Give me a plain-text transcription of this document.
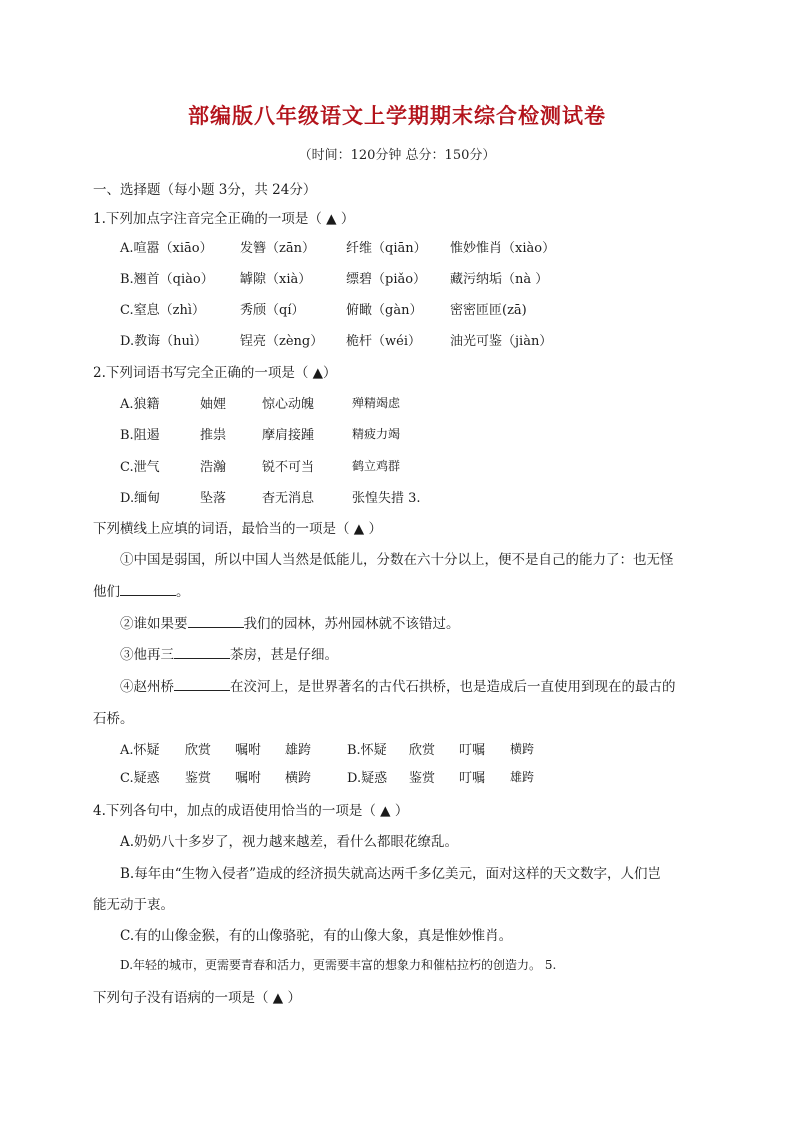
部编版八年级语文上学期期末综合检测试卷
（时间：120分钟 总分：150分）
一、选择题（每小题 3分，共 24分）
1.下列加点字注音完全正确的一项是（ ▲ ）
A.喧嚣（xiāo） 发簪（zān） 纤维（qiān） 惟妙惟肖（xiào）
B.翘首（qiào） 罅隙（xià）	缥碧（piǎo） 藏污纳垢（nà ）
C.窒息（zhì）	秀颀（qí）	俯瞰（gàn） 密密匝匝(zā)
D.教诲（huì）	锃亮（zèng） 桅杆（wéi） 油光可鉴（jiàn）
2.下列词语书写完全正确的一项是（ ▲）
A.狼籍	妯娌	惊心动魄	殚精竭虑
B.阻遏	推祟	摩肩接踵	精疲力竭
C.泄气	浩瀚	锐不可当	鹤立鸡群
D.缅甸	坠落	杳无消息	张惶失措 3.
下列横线上应填的词语，最恰当的一项是（ ▲ ）
①中国是弱国，所以中国人当然是低能儿，分数在六十分以上，便不是自己的能力了：也无怪
他们	。
②谁如果要	我们的园林，苏州园林就不该错过。
③他再三	茶房，甚是仔细。
④赵州桥	在洨河上，是世界著名的古代石拱桥，也是造成后一直使用到现在的最古的
石桥。
A.怀疑 欣赏 嘱咐 雄跨	B.怀疑 欣赏 叮嘱 横跨
C.疑惑 鉴赏 嘱咐 横跨	D.疑惑 鉴赏 叮嘱 雄跨
4.下列各句中，加点的成语使用恰当的一项是（ ▲ ）
A.奶奶八十多岁了，视力越来越差，看什么都眼花缭乱。
B.每年由“生物入侵者”造成的经济损失就高达两千多亿美元，面对这样的天文数字，人们岂
能无动于衷。
C.有的山像金猴，有的山像骆驼，有的山像大象，真是惟妙惟肖。
D.年轻的城市，更需要青春和活力，更需要丰富的想象力和催枯拉朽的创造力。 5.
下列句子没有语病的一项是（ ▲ ）
